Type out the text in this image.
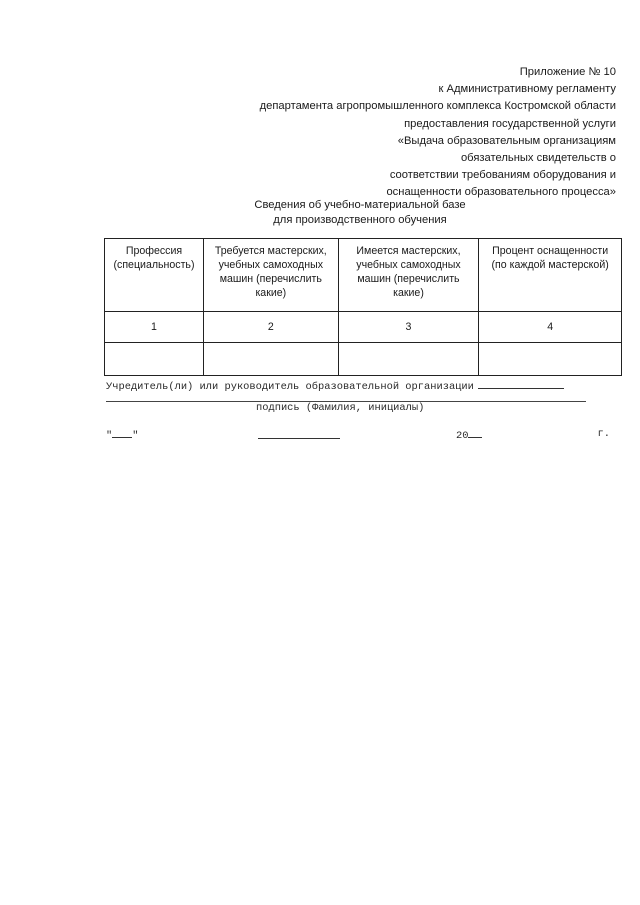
Приложение № 10
к Административному регламенту
департамента агропромышленного комплекса Костромской области
предоставления государственной услуги
«Выдача образовательным организациям
обязательных свидетельств о
соответствии требованиям оборудования и
оснащенности образовательного процесса»
Сведения об учебно-материальной базе
для производственного обучения
Профессия (специальность)	Требуется мастерских, учебных самоходных машин (перечислить какие)	Имеется мастерских, учебных самоходных машин (перечислить какие)	Процент оснащенности (по каждой мастерской)
1	2	3	4

Учредитель(ли) или руководитель образовательной организации
подпись (Фамилия, инициалы)
" "	20	г.
